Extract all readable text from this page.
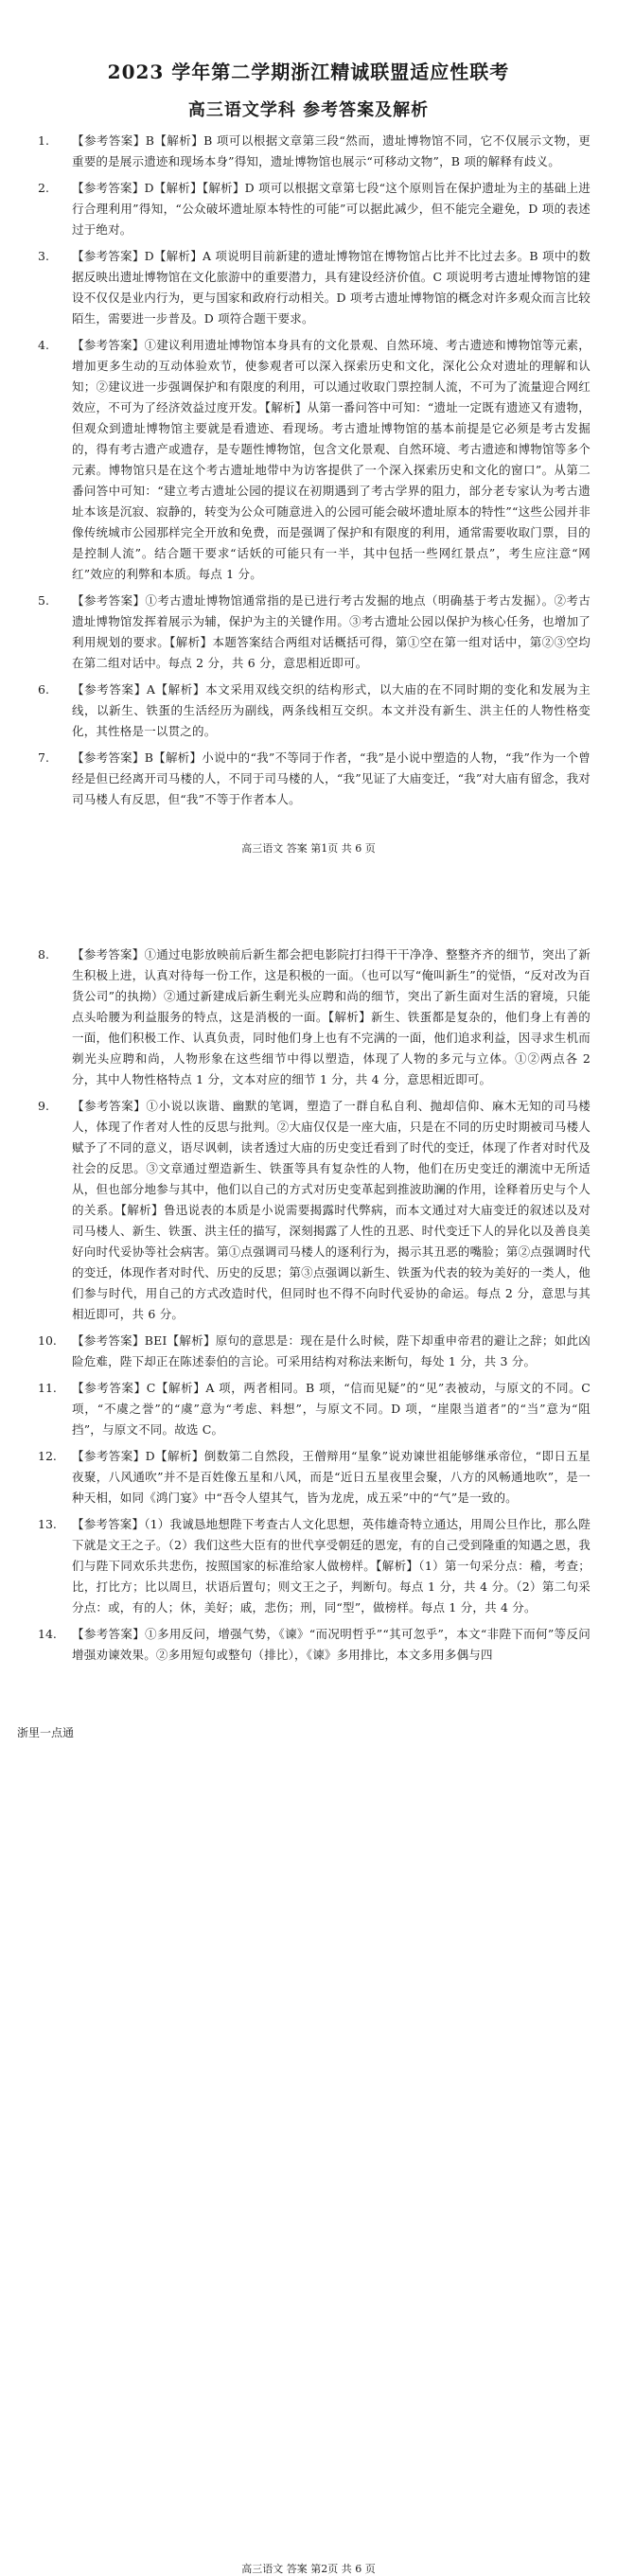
2023 学年第二学期浙江精诚联盟适应性联考
高三语文学科 参考答案及解析
1.	【参考答案】B【解析】B 项可以根据文章第三段“然而，遗址博物馆不同，它不仅展示文物，更重要的是展示遗迹和现场本身”得知，遗址博物馆也展示“可移动文物”，B 项的解释有歧义。
2.	【参考答案】D【解析】【解析】D 项可以根据文章第七段“这个原则旨在保护遗址为主的基础上进行合理利用”得知，“公众破坏遗址原本特性的可能”可以据此减少，但不能完全避免，D 项的表述过于绝对。
3.	【参考答案】D【解析】A 项说明目前新建的遗址博物馆在博物馆占比并不比过去多。B 项中的数据反映出遗址博物馆在文化旅游中的重要潜力，具有建设经济价值。C 项说明考古遗址博物馆的建设不仅仅是业内行为，更与国家和政府行动相关。D 项考古遗址博物馆的概念对许多观众而言比较陌生，需要进一步普及。D 项符合题干要求。
4.	【参考答案】①建议利用遗址博物馆本身具有的文化景观、自然环境、考古遗迹和博物馆等元素，增加更多生动的互动体验欢节，使参观者可以深入探索历史和文化，深化公众对遗址的理解和认知；②建议进一步强调保护和有限度的利用，可以通过收取门票控制人流，不可为了流量迎合网红效应，不可为了经济效益过度开发。【解析】从第一番问答中可知：“遗址一定既有遗迹又有遗物，但观众到遗址博物馆主要就是看遗迹、看现场。考古遗址博物馆的基本前提是它必须是考古发掘的，得有考古遗产或遗存，是专题性博物馆，包含文化景观、自然环境、考古遗迹和博物馆等多个元素。博物馆只是在这个考古遗址地带中为访客提供了一个深入探索历史和文化的窗口”。从第二番问答中可知：“建立考古遗址公园的提议在初期遇到了考古学界的阻力，部分老专家认为考古遗址本该是沉寂、寂静的，转变为公众可随意进入的公园可能会破坏遗址原本的特性”“这些公园并非像传统城市公园那样完全开放和免费，而是强调了保护和有限度的利用，通常需要收取门票，目的是控制人流”。结合题干要求“话妖的可能只有一半，其中包括一些网红景点”，考生应注意“网红”效应的利弊和本质。每点 1 分。
5.	【参考答案】①考古遗址博物馆通常指的是已进行考古发掘的地点（明确基于考古发掘）。②考古遗址博物馆发挥着展示为辅，保护为主的关键作用。③考古遗址公园以保护为核心任务，也增加了利用规划的要求。【解析】本题答案结合两组对话概括可得，第①空在第一组对话中，第②③空均在第二组对话中。每点 2 分，共 6 分，意思相近即可。
6.	【参考答案】A【解析】本文采用双线交织的结构形式，以大庙的在不同时期的变化和发展为主线，以新生、铁蛋的生活经历为副线，两条线相互交织。本文并没有新生、洪主任的人物性格变化，其性格是一以贯之的。
7.	【参考答案】B【解析】小说中的“我”不等同于作者，“我”是小说中塑造的人物，“我”作为一个曾经是但已经离开司马楼的人，不同于司马楼的人，“我”见证了大庙变迁，“我”对大庙有留念，我对司马楼人有反思，但“我”不等于作者本人。
高三语文 答案 第1页 共 6 页
8.	【参考答案】①通过电影放映前后新生都会把电影院打扫得干干净净、整整齐齐的细节，突出了新生积极上进，认真对待每一份工作，这是积极的一面。（也可以写“俺叫新生”的觉悟，“反对改为百货公司”的执拗）②通过新建成后新生剩光头应聘和尚的细节，突出了新生面对生活的窘境，只能点头哈腰为利益服务的特点，这是消极的一面。【解析】新生、铁蛋都是复杂的，他们身上有善的一面，他们积极工作、认真负责，同时他们身上也有不完满的一面，他们追求利益，因寻求生机而剃光头应聘和尚，人物形象在这些细节中得以塑造，体现了人物的多元与立体。①②两点各 2 分，其中人物性格特点 1 分，文本对应的细节 1 分，共 4 分，意思相近即可。
9.	【参考答案】①小说以诙谐、幽默的笔调，塑造了一群自私自利、抛却信仰、麻木无知的司马楼人，体现了作者对人性的反思与批判。②大庙仅仅是一座大庙，只是在不同的历史时期被司马楼人赋予了不同的意义，语尽讽刺，读者透过大庙的历史变迁看到了时代的变迁，体现了作者对时代及社会的反思。③文章通过塑造新生、铁蛋等具有复杂性的人物，他们在历史变迁的潮流中无所适从，但也部分地参与其中，他们以自己的方式对历史变革起到推波助澜的作用，诠释着历史与个人的关系。【解析】鲁迅说表的本质是小说需要揭露时代弊病，而本文通过对大庙变迁的叙述以及对司马楼人、新生、铁蛋、洪主任的描写，深刻揭露了人性的丑恶、时代变迁下人的异化以及善良美好向时代妥协等社会病害。第①点强调司马楼人的逐利行为，揭示其丑恶的嘴脸；第②点强调时代的变迁，体现作者对时代、历史的反思；第③点强调以新生、铁蛋为代表的较为美好的一类人，他们参与时代，用自己的方式改造时代，但同时也不得不向时代妥协的命运。每点 2 分，意思与其相近即可，共 6 分。
10.	【参考答案】BEI【解析】原句的意思是：现在是什么时候，陛下却重申帝君的避让之辞；如此凶险危难，陛下却正在陈述泰伯的言论。可采用结构对称法来断句，每处 1 分，共 3 分。
11.	【参考答案】C【解析】A 项，两者相同。B 项，“信而见疑”的“见”表被动，与原文的不同。C 项，“不虞之誉”的“虞”意为“考虑、料想”，与原文不同。D 项，“崖限当道者”的“当”意为“阻挡”，与原文不同。故选 C。
12.	【参考答案】D【解析】倒数第二自然段，王僧辩用“星象”说劝谏世祖能够继承帝位，“即日五星夜聚，八风通吹”并不是百姓像五星和八风，而是“近日五星夜里会聚，八方的风畅通地吹”，是一种天相，如同《鸿门宴》中“吾令人望其气，皆为龙虎，成五采”中的“气”是一致的。
13.	【参考答案】（1）我诚恳地想陛下考查古人文化思想，英伟雄奇特立通达，用周公旦作比，那么陛下就是文王之子。（2）我们这些大臣有的世代享受朝廷的恩宠，有的自己受到隆重的知遇之恩，我们与陛下同欢乐共悲伤，按照国家的标准给家人做榜样。【解析】（1）第一句采分点：稽，考查；比，打比方；比以周旦，状语后置句；则文王之子，判断句。每点 1 分，共 4 分。（2）第二句采分点：或，有的人；休，美好；戚，悲伤；刑，同“型”，做榜样。每点 1 分，共 4 分。
14.	【参考答案】①多用反问，增强气势，《谏》“而况明哲乎”“其可忽乎”，本文“非陛下而何”等反问增强劝谏效果。②多用短句或整句（排比），《谏》多用排比，本文多用多偶与四
高三语文 答案 第2页 共 6 页
浙里一点通
